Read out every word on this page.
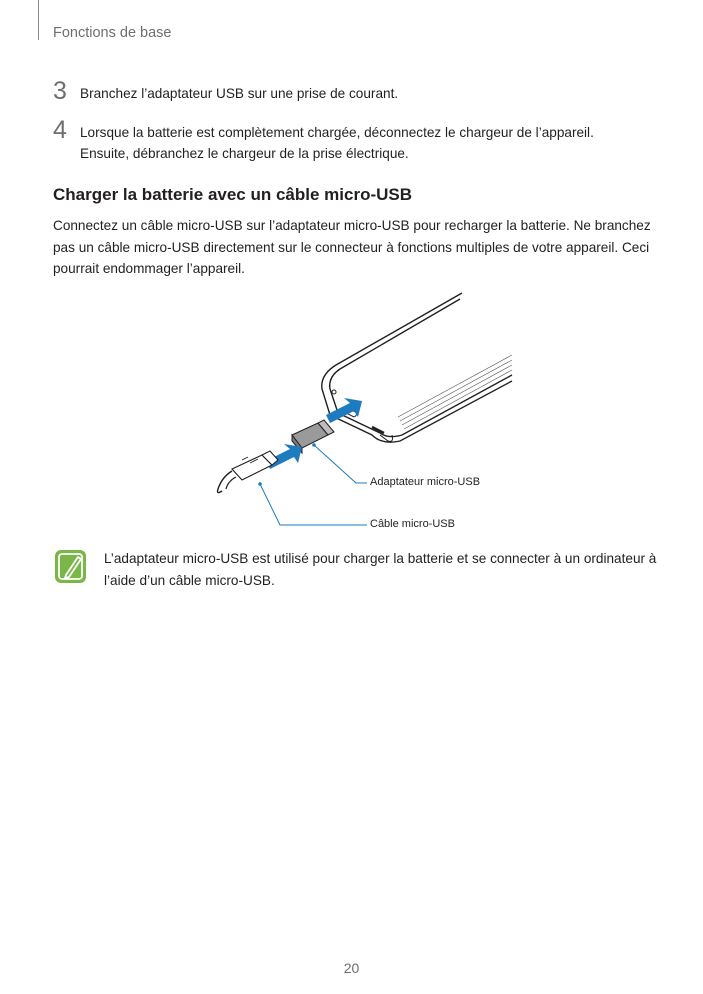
Fonctions de base
3 Branchez l’adaptateur USB sur une prise de courant.
4 Lorsque la batterie est complètement chargée, déconnectez le chargeur de l’appareil. Ensuite, débranchez le chargeur de la prise électrique.
Charger la batterie avec un câble micro-USB
Connectez un câble micro-USB sur l’adaptateur micro-USB pour recharger la batterie. Ne branchez pas un câble micro-USB directement sur le connecteur à fonctions multiples de votre appareil. Ceci pourrait endommager l’appareil.
Adaptateur micro-USB
Câble micro-USB
L’adaptateur micro-USB est utilisé pour charger la batterie et se connecter à un ordinateur à l’aide d’un câble micro-USB.
20
